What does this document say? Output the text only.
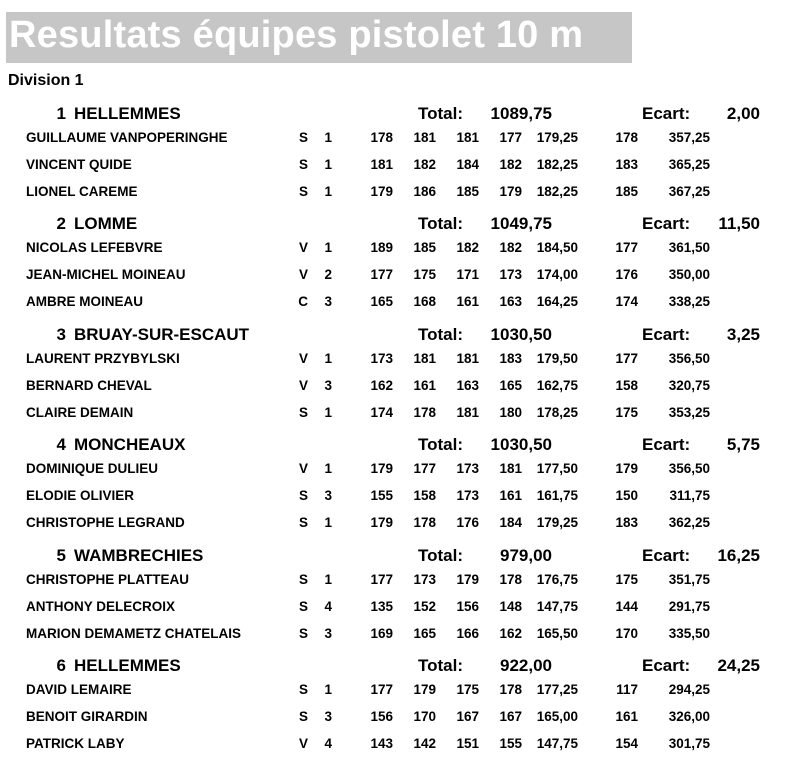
Resultats équipes pistolet 10 m
Division 1
1 HELLEMMES	Total:	1089,75	Ecart:	2,00
GUILLAUME VANPOPERINGHE	S	1	178	181	181	177	179,25	178	357,25
VINCENT QUIDE	S	1	181	182	184	182	182,25	183	365,25
LIONEL CAREME	S	1	179	186	185	179	182,25	185	367,25
2 LOMME	Total:	1049,75	Ecart:	11,50
NICOLAS LEFEBVRE	V	1	189	185	182	182	184,50	177	361,50
JEAN-MICHEL MOINEAU	V	2	177	175	171	173	174,00	176	350,00
AMBRE MOINEAU	C	3	165	168	161	163	164,25	174	338,25
3 BRUAY-SUR-ESCAUT	Total:	1030,50	Ecart:	3,25
LAURENT PRZYBYLSKI	V	1	173	181	181	183	179,50	177	356,50
BERNARD CHEVAL	V	3	162	161	163	165	162,75	158	320,75
CLAIRE DEMAIN	S	1	174	178	181	180	178,25	175	353,25
4 MONCHEAUX	Total:	1030,50	Ecart:	5,75
DOMINIQUE DULIEU	V	1	179	177	173	181	177,50	179	356,50
ELODIE OLIVIER	S	3	155	158	173	161	161,75	150	311,75
CHRISTOPHE LEGRAND	S	1	179	178	176	184	179,25	183	362,25
5 WAMBRECHIES	Total:	979,00	Ecart:	16,25
CHRISTOPHE PLATTEAU	S	1	177	173	179	178	176,75	175	351,75
ANTHONY DELECROIX	S	4	135	152	156	148	147,75	144	291,75
MARION DEMAMETZ CHATELAIS	S	3	169	165	166	162	165,50	170	335,50
6 HELLEMMES	Total:	922,00	Ecart:	24,25
DAVID LEMAIRE	S	1	177	179	175	178	177,25	117	294,25
BENOIT GIRARDIN	S	3	156	170	167	167	165,00	161	326,00
PATRICK LABY	V	4	143	142	151	155	147,75	154	301,75
